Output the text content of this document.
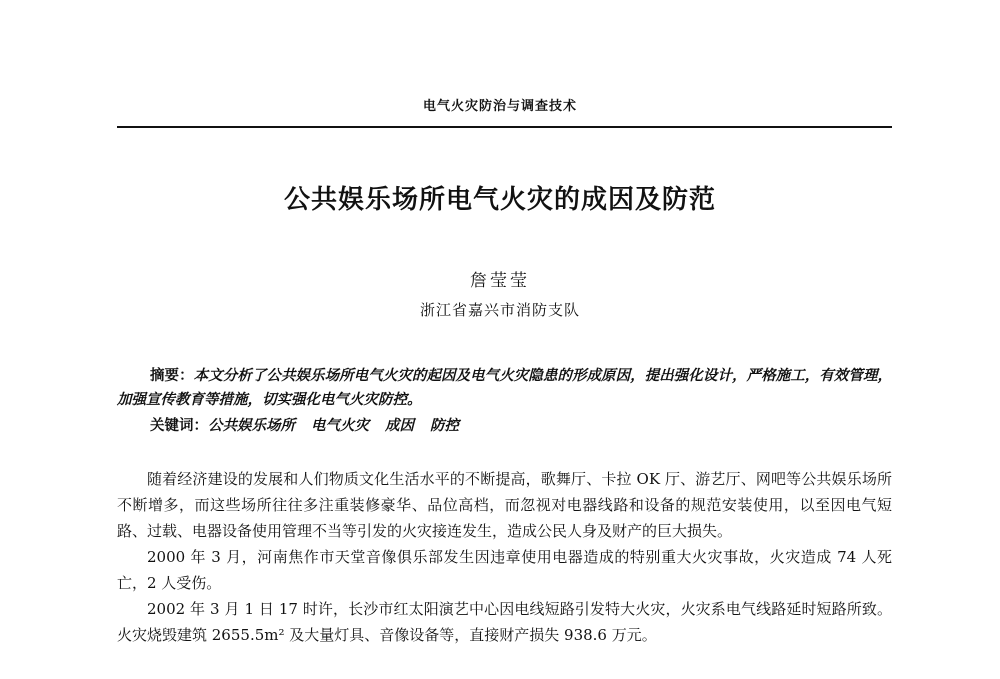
电气火灾防治与调查技术
公共娱乐场所电气火灾的成因及防范
詹莹莹
浙江省嘉兴市消防支队
摘要：本文分析了公共娱乐场所电气火灾的起因及电气火灾隐患的形成原因，提出强化设计，严格施工，有效管理，加强宣传教育等措施，切实强化电气火灾防控。
关键词：公共娱乐场所 电气火灾 成因 防控

随着经济建设的发展和人们物质文化生活水平的不断提高，歌舞厅、卡拉 OK 厅、游艺厅、网吧等公共娱乐场所不断增多，而这些场所往往多注重装修豪华、品位高档，而忽视对电器线路和设备的规范安装使用，以至因电气短路、过载、电器设备使用管理不当等引发的火灾接连发生，造成公民人身及财产的巨大损失。

2000 年 3 月，河南焦作市天堂音像俱乐部发生因违章使用电器造成的特别重大火灾事故，火灾造成 74 人死亡，2 人受伤。

2002 年 3 月 1 日 17 时许，长沙市红太阳演艺中心因电线短路引发特大火灾，火灾系电气线路延时短路所致。火灾烧毁建筑 2655.5m² 及大量灯具、音像设备等，直接财产损失 938.6 万元。
